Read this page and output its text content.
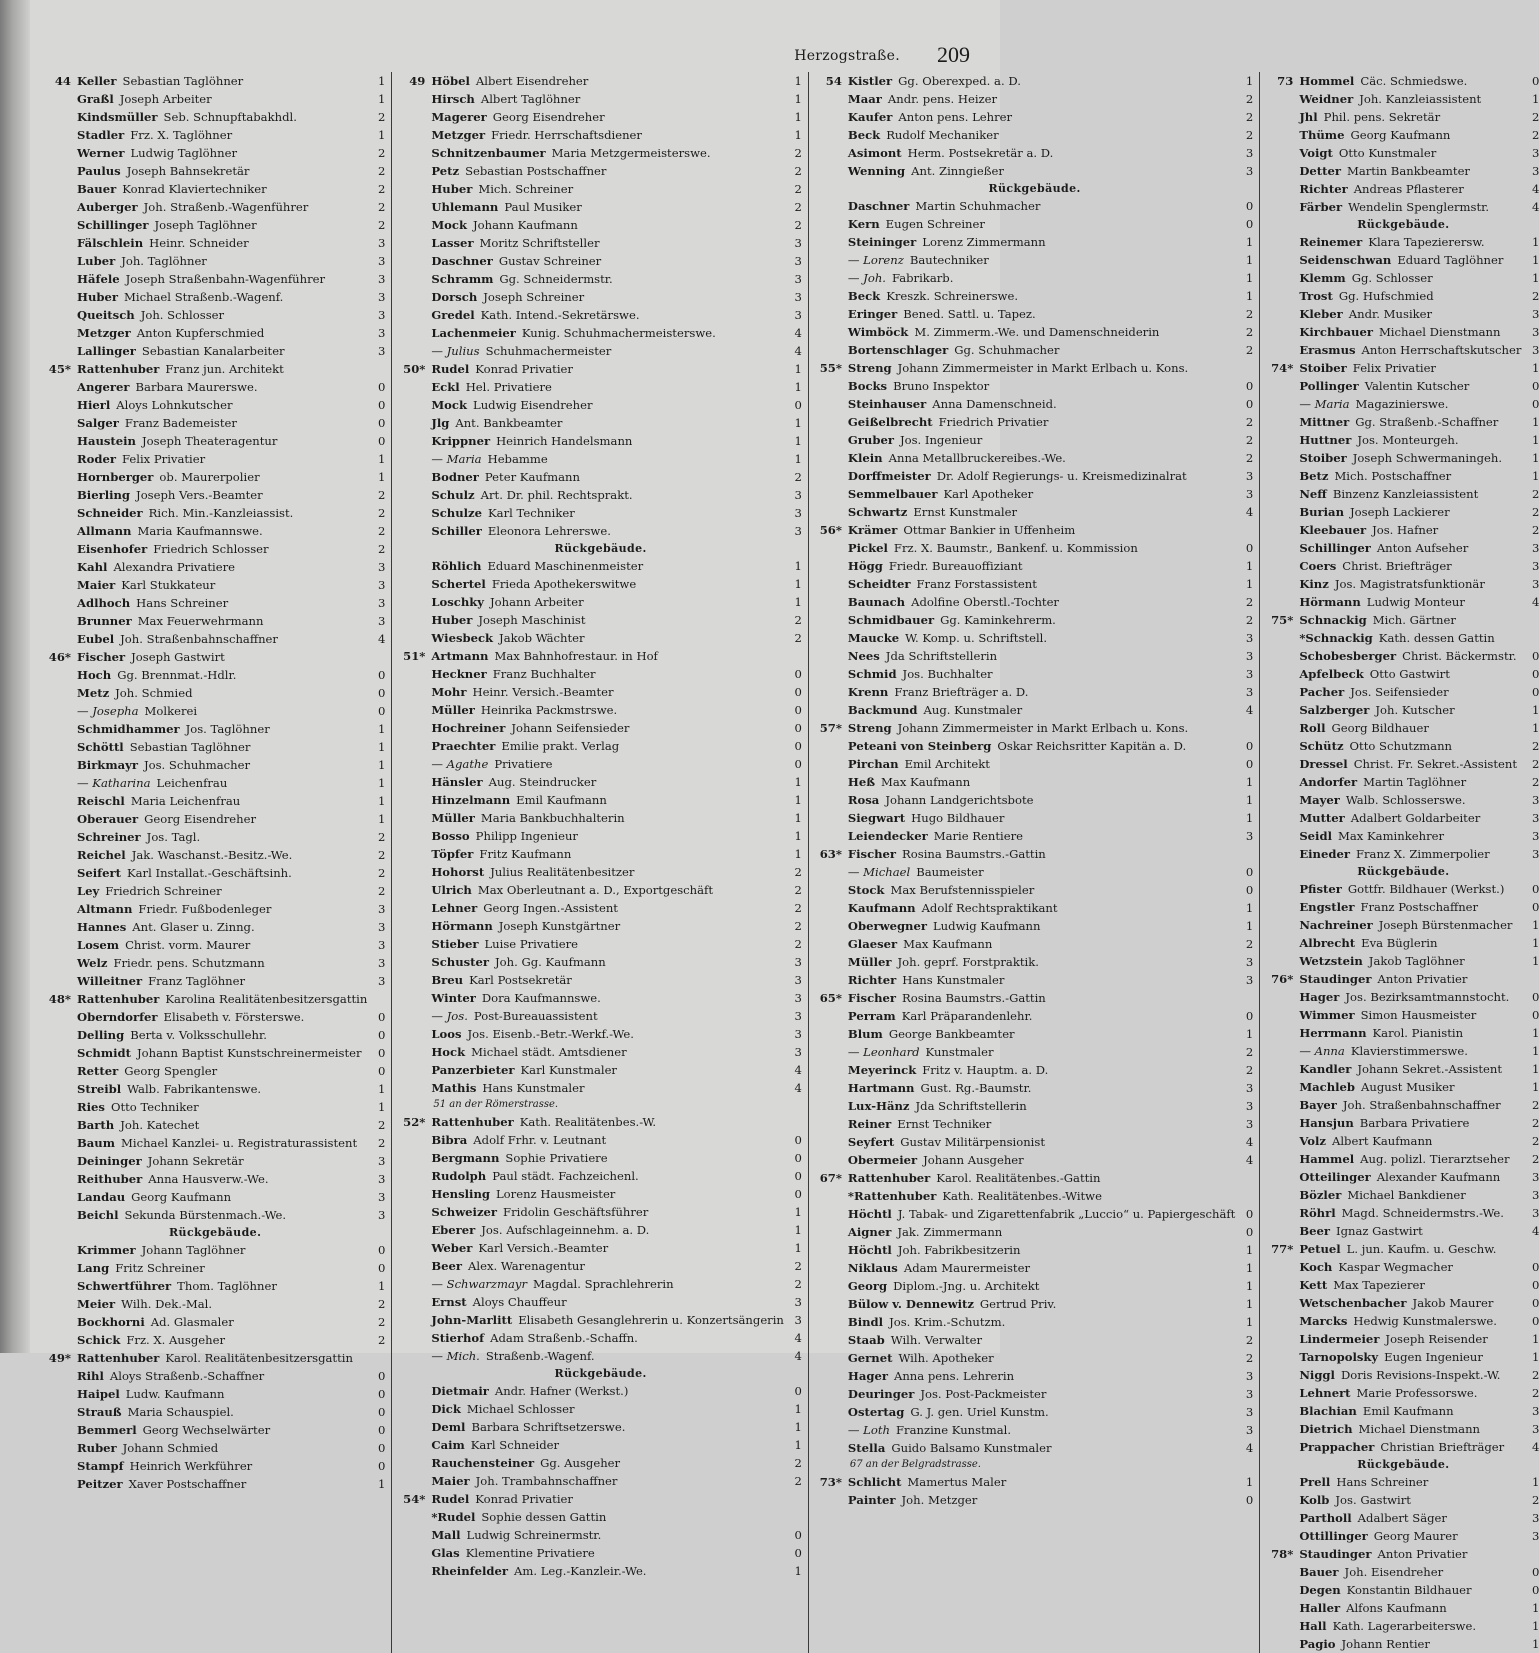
Herzogstraße. 209
44 Keller Sebastian Taglöhner	1
Graßl Joseph Arbeiter	1
Kindsmüller Seb. Schnupftabakhdl.	2
Stadler Frz. X. Taglöhner	1
Werner Ludwig Taglöhner	2
Paulus Joseph Bahnsekretär	2
Bauer Konrad Klaviertechniker	2
Auberger Joh. Straßenb.-Wagenführer	2
Schillinger Joseph Taglöhner	2
Fälschlein Heinr. Schneider	3
Luber Joh. Taglöhner	3
Häfele Joseph Straßenbahn-Wagenführer	3
Huber Michael Straßenb.-Wagenf.	3
Queitsch Joh. Schlosser	3
Metzger Anton Kupferschmied	3
Lallinger Sebastian Kanalarbeiter	3
45* Rattenhuber Franz jun. Architekt
Angerer Barbara Maurerswe.	0
Hierl Aloys Lohnkutscher	0
Salger Franz Bademeister	0
Haustein Joseph Theateragentur	0
Roder Felix Privatier	1
Hornberger ob. Maurerpolier	1
Bierling Joseph Vers.-Beamter	2
Schneider Rich. Min.-Kanzleiassist.	2
Allmann Maria Kaufmannswe.	2
Eisenhofer Friedrich Schlosser	2
Kahl Alexandra Privatiere	3
Maier Karl Stukkateur	3
Adlhoch Hans Schreiner	3
Brunner Max Feuerwehrmann	3
Eubel Joh. Straßenbahnschaffner	4
46* Fischer Joseph Gastwirt
Hoch Gg. Brennmat.-Hdlr.	0
Metz Joh. Schmied	0
— Josepha Molkerei	0
Schmidhammer Jos. Taglöhner	1
Schöttl Sebastian Taglöhner	1
Birkmayr Jos. Schuhmacher	1
— Katharina Leichenfrau	1
Reischl Maria Leichenfrau	1
Oberauer Georg Eisendreher	1
Schreiner Jos. Tagl.	2
Reichel Jak. Waschanst.-Besitz.-We.	2
Seifert Karl Installat.-Geschäftsinh.	2
Ley Friedrich Schreiner	2
Altmann Friedr. Fußbodenleger	3
Hannes Ant. Glaser u. Zinng.	3
Losem Christ. vorm. Maurer	3
Welz Friedr. pens. Schutzmann	3
Willeitner Franz Taglöhner	3
48* Rattenhuber Karolina Realitätenbesitzersgattin
Oberndorfer Elisabeth v. Försterswe.	0
Delling Berta v. Volksschullehr.	0
Schmidt Johann Baptist Kunstschreinermeister	0
Retter Georg Spengler	0
Streibl Walb. Fabrikantenswe.	1
Ries Otto Techniker	1
Barth Joh. Katechet	2
Baum Michael Kanzlei- u. Registraturassistent	2
Deininger Johann Sekretär	3
Reithuber Anna Hausverw.-We.	3
Landau Georg Kaufmann	3
Beichl Sekunda Bürstenmach.-We.	3
Rückgebäude.
Krimmer Johann Taglöhner	0
Lang Fritz Schreiner	0
Schwertführer Thom. Taglöhner	1
Meier Wilh. Dek.-Mal.	2
Bockhorni Ad. Glasmaler	2
Schick Frz. X. Ausgeher	2
49* Rattenhuber Karol. Realitätenbesitzersgattin
Rihl Aloys Straßenb.-Schaffner	0
Haipel Ludw. Kaufmann	0
Strauß Maria Schauspiel.	0
Bemmerl Georg Wechselwärter	0
Ruber Johann Schmied	0
Stampf Heinrich Werkführer	0
Peitzer Xaver Postschaffner	1
49 Höbel Albert Eisendreher	1
Hirsch Albert Taglöhner	1
Magerer Georg Eisendreher	1
Metzger Friedr. Herrschaftsdiener	1
Schnitzenbaumer Maria Metzgermeisterswe.	2
Petz Sebastian Postschaffner	2
Huber Mich. Schreiner	2
Uhlemann Paul Musiker	2
Mock Johann Kaufmann	2
Lasser Moritz Schriftsteller	3
Daschner Gustav Schreiner	3
Schramm Gg. Schneidermstr.	3
Dorsch Joseph Schreiner	3
Gredel Kath. Intend.-Sekretärswe.	3
Lachenmeier Kunig. Schuhmachermeisterswe.	4
— Julius Schuhmachermeister	4
50* Rudel Konrad Privatier	1
Eckl Hel. Privatiere	1
Mock Ludwig Eisendreher	0
Jlg Ant. Bankbeamter	1
Krippner Heinrich Handelsmann	1
— Maria Hebamme	1
Bodner Peter Kaufmann	2
Schulz Art. Dr. phil. Rechtsprakt.	3
Schulze Karl Techniker	3
Schiller Eleonora Lehrerswe.	3
Rückgebäude.
Röhlich Eduard Maschinenmeister	1
Schertel Frieda Apothekerswitwe	1
Loschky Johann Arbeiter	1
Huber Joseph Maschinist	2
Wiesbeck Jakob Wächter	2
51* Artmann Max Bahnhofrestaur. in Hof
Heckner Franz Buchhalter	0
Mohr Heinr. Versich.-Beamter	0
Müller Heinrika Packmstrswe.	0
Hochreiner Johann Seifensieder	0
Praechter Emilie prakt. Verlag	0
— Agathe Privatiere	0
Hänsler Aug. Steindrucker	1
Hinzelmann Emil Kaufmann	1
Müller Maria Bankbuchhalterin	1
Bosso Philipp Ingenieur	1
Töpfer Fritz Kaufmann	1
Hohorst Julius Realitätenbesitzer	2
Ulrich Max Oberleutnant a. D., Exportgeschäft	2
Lehner Georg Ingen.-Assistent	2
Hörmann Joseph Kunstgärtner	2
Stieber Luise Privatiere	2
Schuster Joh. Gg. Kaufmann	3
Breu Karl Postsekretär	3
Winter Dora Kaufmannswe.	3
— Jos. Post-Bureauassistent	3
Loos Jos. Eisenb.-Betr.-Werkf.-We.	3
Hock Michael städt. Amtsdiener	3
Panzerbieter Karl Kunstmaler	4
Mathis Hans Kunstmaler	4
51 an der Römerstrasse.
52* Rattenhuber Kath. Realitätenbes.-W.
Bibra Adolf Frhr. v. Leutnant	0
Bergmann Sophie Privatiere	0
Rudolph Paul städt. Fachzeichenl.	0
Hensling Lorenz Hausmeister	0
Schweizer Fridolin Geschäftsführer	1
Eberer Jos. Aufschlageinnehm. a. D.	1
Weber Karl Versich.-Beamter	1
Beer Alex. Warenagentur	2
— Schwarzmayr Magdal. Sprachlehrerin	2
Ernst Aloys Chauffeur	3
John-Marlitt Elisabeth Gesanglehrerin u. Konzertsängerin 3
Stierhof Adam Straßenb.-Schaffn.	4
— Mich. Straßenb.-Wagenf.	4
Rückgebäude.
Dietmair Andr. Hafner (Werkst.)	0
Dick Michael Schlosser	1
Deml Barbara Schriftsetzerswe.	1
Caim Karl Schneider	1
Rauchensteiner Gg. Ausgeher	2
Maier Joh. Trambahnschaffner	2
54* Rudel Konrad Privatier
*Rudel Sophie dessen Gattin
Mall Ludwig Schreinermstr.	0
Glas Klementine Privatiere	0
Rheinfelder Am. Leg.-Kanzleir.-We.	1
54 Kistler Gg. Oberexped. a. D.	1
Maar Andr. pens. Heizer	2
Kaufer Anton pens. Lehrer	2
Beck Rudolf Mechaniker	2
Asimont Herm. Postsekretär a. D.	3
Wenning Ant. Zinngießer	3
Rückgebäude.
Daschner Martin Schuhmacher	0
Kern Eugen Schreiner	0
Steininger Lorenz Zimmermann	1
— Lorenz Bautechniker	1
— Joh. Fabrikarb.	1
Beck Kreszk. Schreinerswe.	1
Eringer Bened. Sattl. u. Tapez.	2
Wimböck M. Zimmerm.-We. und Damenschneiderin	2
Bortenschlager Gg. Schuhmacher	2
55* Streng Johann Zimmermeister in Markt Erlbach u. Kons.
Bocks Bruno Inspektor	0
Steinhauser Anna Damenschneid.	0
Geißelbrecht Friedrich Privatier	2
Gruber Jos. Ingenieur	2
Klein Anna Metallbruckereibes.-We.	2
Dorffmeister Dr. Adolf Regierungs- u. Kreismedizinalrat	3
Semmelbauer Karl Apotheker	3
Schwartz Ernst Kunstmaler	4
56* Krämer Ottmar Bankier in Uffenheim
Pickel Frz. X. Baumstr., Bankenf. u. Kommission	0
Högg Friedr. Bureauoffiziant	1
Scheidter Franz Forstassistent	1
Baunach Adolfine Oberstl.-Tochter	2
Schmidbauer Gg. Kaminkehrerm.	2
Maucke W. Komp. u. Schriftstell.	3
Nees Jda Schriftstellerin	3
Schmid Jos. Buchhalter	3
Krenn Franz Briefträger a. D.	3
Backmund Aug. Kunstmaler	4
57* Streng Johann Zimmermeister in Markt Erlbach u. Kons.
Peteani von Steinberg Oskar Reichsritter Kapitän a. D.	0
Pirchan Emil Architekt	0
Heß Max Kaufmann	1
Rosa Johann Landgerichtsbote	1
Siegwart Hugo Bildhauer	1
Leiendecker Marie Rentiere	3
63* Fischer Rosina Baumstrs.-Gattin
— Michael Baumeister	0
Stock Max Berufstennisspieler	0
Kaufmann Adolf Rechtspraktikant	1
Oberwegner Ludwig Kaufmann	1
Glaeser Max Kaufmann	2
Müller Joh. geprf. Forstpraktik.	3
Richter Hans Kunstmaler	3
65* Fischer Rosina Baumstrs.-Gattin
Perram Karl Präparandenlehr.	0
Blum George Bankbeamter	1
— Leonhard Kunstmaler	2
Meyerinck Fritz v. Hauptm. a. D.	2
Hartmann Gust. Rg.-Baumstr.	3
Lux-Hänz Jda Schriftstellerin	3
Reiner Ernst Techniker	3
Seyfert Gustav Militärpensionist	4
Obermeier Johann Ausgeher	4
67* Rattenhuber Karol. Realitätenbes.-Gattin
*Rattenhuber Kath. Realitätenbes.-Witwe
Höchtl J. Tabak- und Zigarettenfabrik „Luccio“ u. Papiergeschäft 0
Aigner Jak. Zimmermann	0
Höchtl Joh. Fabrikbesitzerin	1
Niklaus Adam Maurermeister	1
Georg Diplom.-Jng. u. Architekt	1
Bülow v. Dennewitz Gertrud Priv.	1
Bindl Jos. Krim.-Schutzm.	1
Staab Wilh. Verwalter	2
Gernet Wilh. Apotheker	2
Hager Anna pens. Lehrerin	3
Deuringer Jos. Post-Packmeister	3
Ostertag G. J. gen. Uriel Kunstm.	3
— Loth Franzine Kunstmal.	3
Stella Guido Balsamo Kunstmaler	4
67 an der Belgradstrasse.
73* Schlicht Mamertus Maler	1
Painter Joh. Metzger	0
73 Hommel Cäc. Schmiedswe.	0
Weidner Joh. Kanzleiassistent	1
Jhl Phil. pens. Sekretär	2
Thüme Georg Kaufmann	2
Voigt Otto Kunstmaler	3
Detter Martin Bankbeamter	3
Richter Andreas Pflasterer	4
Färber Wendelin Spenglermstr.	4
Rückgebäude.
Reinemer Klara Tapezierersw.	1
Seidenschwan Eduard Taglöhner	1
Klemm Gg. Schlosser	1
Trost Gg. Hufschmied	2
Kleber Andr. Musiker	3
Kirchbauer Michael Dienstmann	3
Erasmus Anton Herrschaftskutscher 3
74* Stoiber Felix Privatier	1
Pollinger Valentin Kutscher	0
— Maria Magazinierswe.	0
Mittner Gg. Straßenb.-Schaffner	1
Huttner Jos. Monteurgeh.	1
Stoiber Joseph Schwermaningeh.	1
Betz Mich. Postschaffner	1
Neff Binzenz Kanzleiassistent	2
Burian Joseph Lackierer	2
Kleebauer Jos. Hafner	2
Schillinger Anton Aufseher	3
Coers Christ. Briefträger	3
Kinz Jos. Magistratsfunktionär	3
Hörmann Ludwig Monteur	4
75* Schnackig Mich. Gärtner
*Schnackig Kath. dessen Gattin
Schobesberger Christ. Bäckermstr.	0
Apfelbeck Otto Gastwirt	0
Pacher Jos. Seifensieder	0
Salzberger Joh. Kutscher	1
Roll Georg Bildhauer	1
Schütz Otto Schutzmann	2
Dressel Christ. Fr. Sekret.-Assistent	2
Andorfer Martin Taglöhner	2
Mayer Walb. Schlosserswe.	3
Mutter Adalbert Goldarbeiter	3
Seidl Max Kaminkehrer	3
Eineder Franz X. Zimmerpolier	3
Rückgebäude.
Pfister Gottfr. Bildhauer (Werkst.)	0
Engstler Franz Postschaffner	0
Nachreiner Joseph Bürstenmacher	1
Albrecht Eva Büglerin	1
Wetzstein Jakob Taglöhner	1
76* Staudinger Anton Privatier
Hager Jos. Bezirksamtmannstocht.	0
Wimmer Simon Hausmeister	0
Herrmann Karol. Pianistin	1
— Anna Klavierstimmerswe.	1
Kandler Johann Sekret.-Assistent	1
Machleb August Musiker	1
Bayer Joh. Straßenbahnschaffner	2
Hansjun Barbara Privatiere	2
Volz Albert Kaufmann	2
Hammel Aug. polizl. Tierarztseher	2
Otteilinger Alexander Kaufmann	3
Bözler Michael Bankdiener	3
Röhrl Magd. Schneidermstrs.-We.	3
Beer Ignaz Gastwirt	4
77* Petuel L. jun. Kaufm. u. Geschw.
Koch Kaspar Wegmacher	0
Kett Max Tapezierer	0
Wetschenbacher Jakob Maurer	0
Marcks Hedwig Kunstmalerswe.	0
Lindermeier Joseph Reisender	1
Tarnopolsky Eugen Ingenieur	1
Niggl Doris Revisions-Inspekt.-W.	2
Lehnert Marie Professorswe.	2
Blachian Emil Kaufmann	3
Dietrich Michael Dienstmann	3
Prappacher Christian Briefträger	4
Rückgebäude.
Prell Hans Schreiner	1
Kolb Jos. Gastwirt	2
Partholl Adalbert Säger	3
Ottillinger Georg Maurer	3
78* Staudinger Anton Privatier
Bauer Joh. Eisendreher	0
Degen Konstantin Bildhauer	0
Haller Alfons Kaufmann	1
Hall Kath. Lagerarbeiterswe.	1
Pagio Johann Rentier	1
